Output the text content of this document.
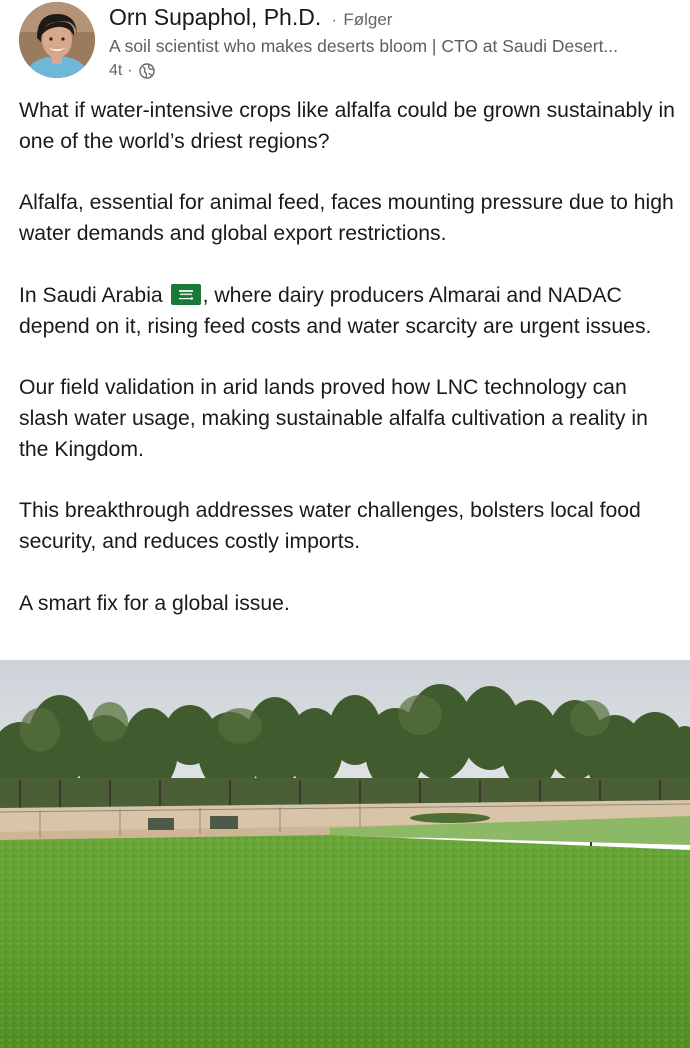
Orn Supaphol, Ph.D. · Følger
A soil scientist who makes deserts bloom | CTO at Saudi Desert...
4t ·

What if water-intensive crops like alfalfa could be grown sustainably in one of the world’s driest regions?

Alfalfa, essential for animal feed, faces mounting pressure due to high water demands and global export restrictions.

In Saudi Arabia , where dairy producers Almarai and NADAC depend on it, rising feed costs and water scarcity are urgent issues.

Our field validation in arid lands proved how LNC technology can slash water usage, making sustainable alfalfa cultivation a reality in the Kingdom.

This breakthrough addresses water challenges, bolsters local food security, and reduces costly imports.

A smart fix for a global issue.
